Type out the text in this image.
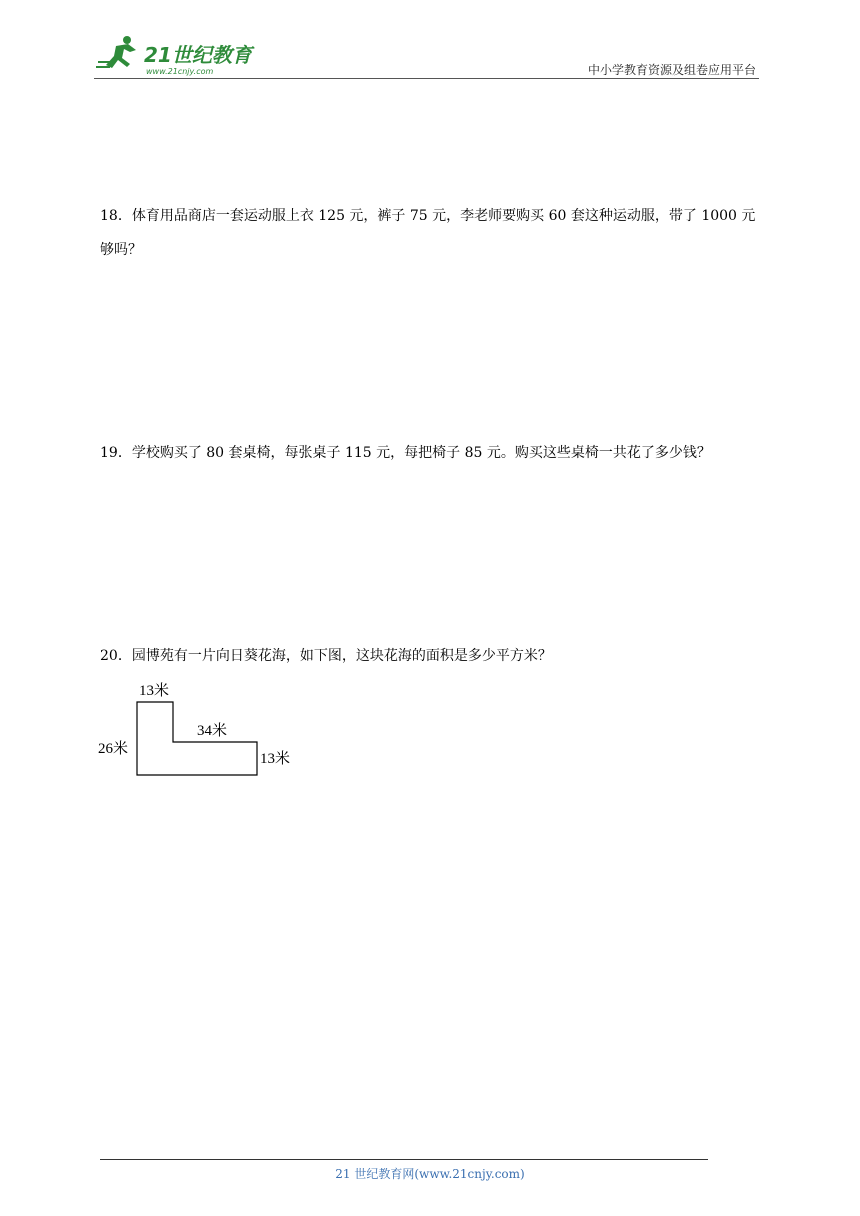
21世纪教育
www.21cnjy.com	中小学教育资源及组卷应用平台
18．体育用品商店一套运动服上衣 125 元，裤子 75 元，李老师要购买 60 套这种运动服，带了 1000 元够吗？
19．学校购买了 80 套桌椅，每张桌子 115 元，每把椅子 85 元。购买这些桌椅一共花了多少钱？
20．园博苑有一片向日葵花海，如下图，这块花海的面积是多少平方米？
13米
34米
26米
13米
21 世纪教育网(www.21cnjy.com)
